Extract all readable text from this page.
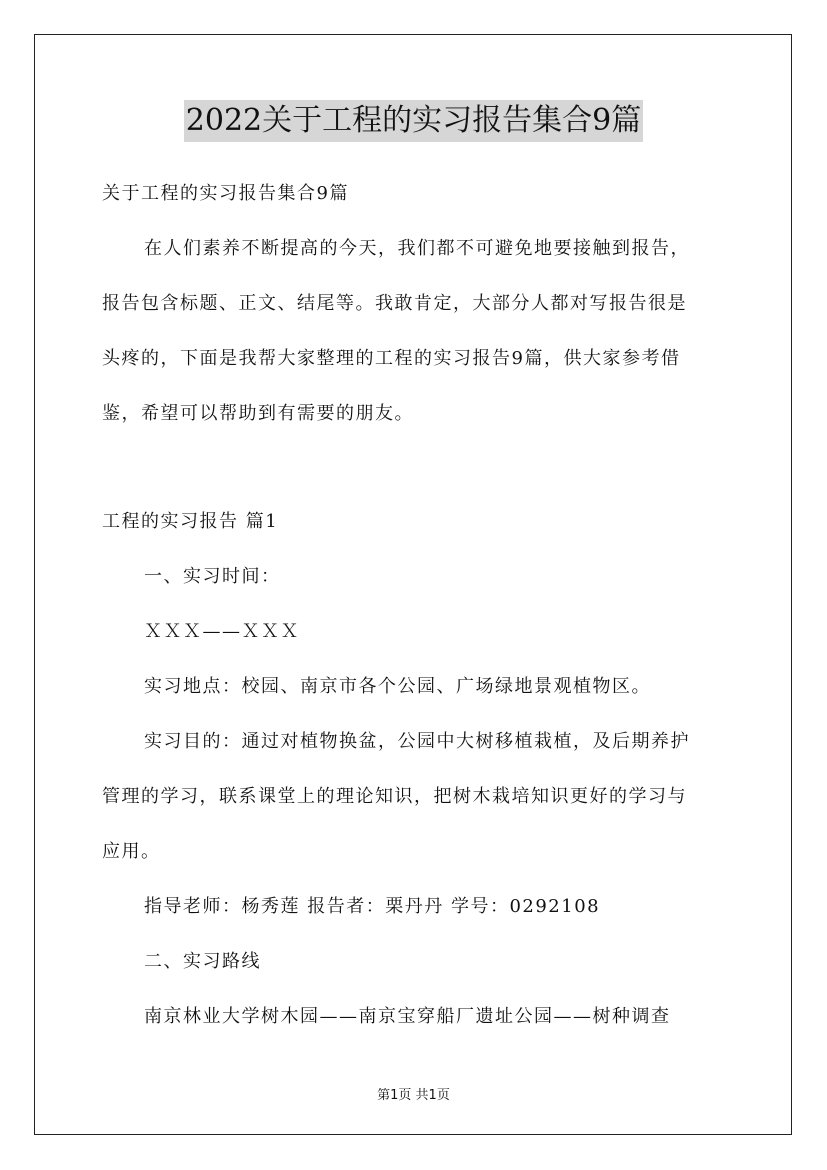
2022关于工程的实习报告集合9篇
关于工程的实习报告集合9篇
在人们素养不断提高的今天，我们都不可避免地要接触到报告，
报告包含标题、正文、结尾等。我敢肯定，大部分人都对写报告很是
头疼的，下面是我帮大家整理的工程的实习报告9篇，供大家参考借
鉴，希望可以帮助到有需要的朋友。
工程的实习报告 篇1
一、实习时间：
ＸＸＸ——ＸＸＸ
实习地点：校园、南京市各个公园、广场绿地景观植物区。
实习目的：通过对植物换盆，公园中大树移植栽植，及后期养护
管理的学习，联系课堂上的理论知识，把树木栽培知识更好的学习与
应用。
指导老师：杨秀莲 报告者：栗丹丹 学号：0292108
二、实习路线
南京林业大学树木园——南京宝穿船厂遗址公园——树种调查
第1页 共1页
